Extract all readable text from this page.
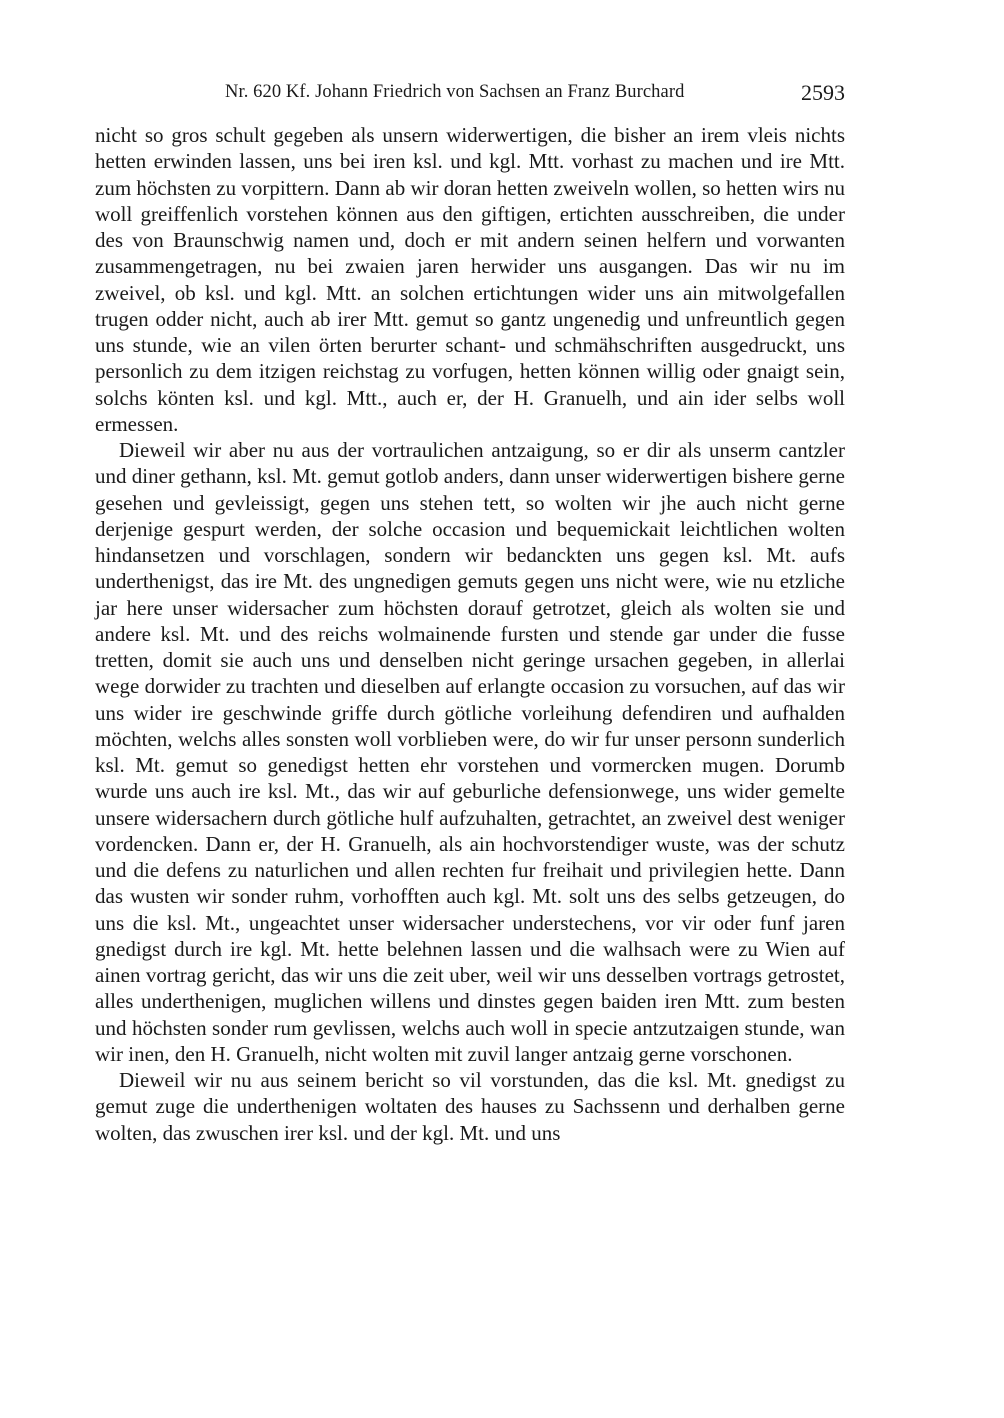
Nr. 620 Kf. Johann Friedrich von Sachsen an Franz Burchard	2593

nicht so gros schult gegeben als unsern widerwertigen, die bisher an irem vleis nichts hetten erwinden lassen, uns bei iren ksl. und kgl. Mtt. vorhast zu machen und ire Mtt. zum höchsten zu vorpittern. Dann ab wir doran hetten zweiveln wollen, so hetten wirs nu woll greiffenlich vorstehen können aus den giftigen, ertichten ausschreiben, die under des von Braunschwig namen und, doch er mit andern seinen helfern und vorwanten zusammengetragen, nu bei zwaien jaren herwider uns ausgangen. Das wir nu im zweivel, ob ksl. und kgl. Mtt. an solchen ertichtungen wider uns ain mitwolgefallen trugen odder nicht, auch ab irer Mtt. gemut so gantz ungenedig und unfreuntlich gegen uns stunde, wie an vilen örten berurter schant- und schmähschriften ausgedruckt, uns personlich zu dem itzigen reichstag zu vorfugen, hetten können willig oder gnaigt sein, solchs könten ksl. und kgl. Mtt., auch er, der H. Granuelh, und ain ider selbs woll ermessen.

Dieweil wir aber nu aus der vortraulichen antzaigung, so er dir als unserm cantzler und diner gethann, ksl. Mt. gemut gotlob anders, dann unser widerwertigen bishere gerne gesehen und gevleissigt, gegen uns stehen tett, so wolten wir jhe auch nicht gerne derjenige gespurt werden, der solche occasion und bequemickait leichtlichen wolten hindansetzen und vorschlagen, sondern wir bedanckten uns gegen ksl. Mt. aufs underthenigst, das ire Mt. des ungnedigen gemuts gegen uns nicht were, wie nu etzliche jar here unser widersacher zum höchsten dorauf getrotzet, gleich als wolten sie und andere ksl. Mt. und des reichs wolmainende fursten und stende gar under die fusse tretten, domit sie auch uns und denselben nicht geringe ursachen gegeben, in allerlai wege dorwider zu trachten und dieselben auf erlangte occasion zu vorsuchen, auf das wir uns wider ire geschwinde griffe durch götliche vorleihung defendiren und aufhalden möchten, welchs alles sonsten woll vorblieben were, do wir fur unser personn sunderlich ksl. Mt. gemut so genedigst hetten ehr vorstehen und vormercken mugen. Dorumb wurde uns auch ire ksl. Mt., das wir auf geburliche defensionwege, uns wider gemelte unsere widersachern durch götliche hulf aufzuhalten, getrachtet, an zweivel dest weniger vordencken. Dann er, der H. Granuelh, als ain hochvorstendiger wuste, was der schutz und die defens zu naturlichen und allen rechten fur freihait und privilegien hette. Dann das wusten wir sonder ruhm, vorhofften auch kgl. Mt. solt uns des selbs getzeugen, do uns die ksl. Mt., ungeachtet unser widersacher understechens, vor vir oder funf jaren gnedigst durch ire kgl. Mt. hette belehnen lassen und die walhsach were zu Wien auf ainen vortrag gericht, das wir uns die zeit uber, weil wir uns desselben vortrags getrostet, alles underthenigen, muglichen willens und dinstes gegen baiden iren Mtt. zum besten und höchsten sonder rum gevlissen, welchs auch woll in specie antzutzaigen stunde, wan wir inen, den H. Granuelh, nicht wolten mit zuvil langer antzaig gerne vorschonen.

Dieweil wir nu aus seinem bericht so vil vorstunden, das die ksl. Mt. gnedigst zu gemut zuge die underthenigen woltaten des hauses zu Sachssenn und derhalben gerne wolten, das zwuschen irer ksl. und der kgl. Mt. und uns
